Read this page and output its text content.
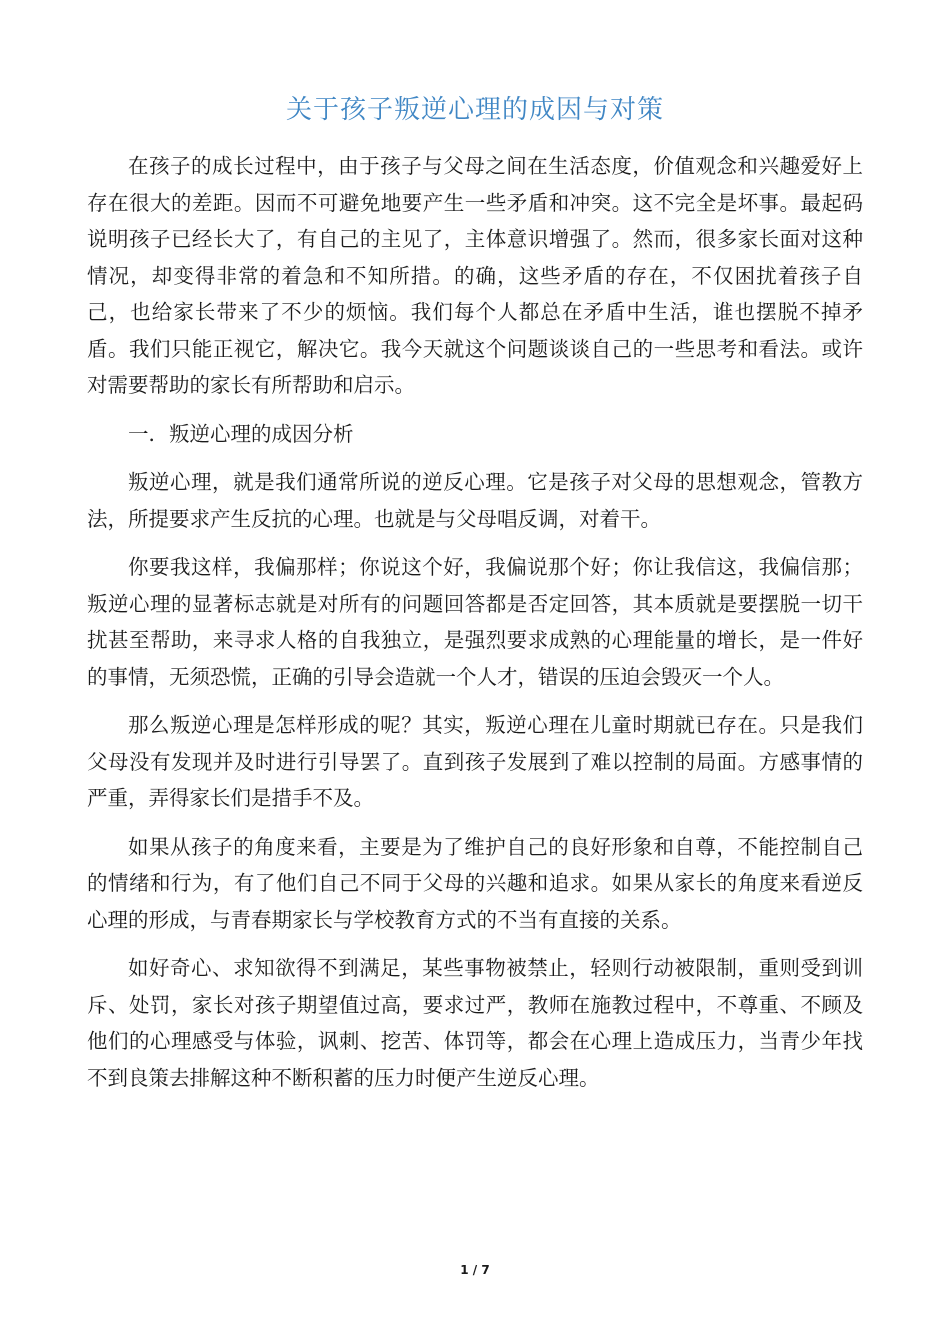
关于孩子叛逆心理的成因与对策

在孩子的成长过程中，由于孩子与父母之间在生活态度，价值观念和兴趣爱好上存在很大的差距。因而不可避免地要产生一些矛盾和冲突。这不完全是坏事。最起码说明孩子已经长大了，有自己的主见了，主体意识增强了。然而，很多家长面对这种情况，却变得非常的着急和不知所措。的确，这些矛盾的存在，不仅困扰着孩子自己，也给家长带来了不少的烦恼。我们每个人都总在矛盾中生活，谁也摆脱不掉矛盾。我们只能正视它，解决它。我今天就这个问题谈谈自己的一些思考和看法。或许对需要帮助的家长有所帮助和启示。

一．叛逆心理的成因分析

叛逆心理，就是我们通常所说的逆反心理。它是孩子对父母的思想观念，管教方法，所提要求产生反抗的心理。也就是与父母唱反调，对着干。

你要我这样，我偏那样；你说这个好，我偏说那个好；你让我信这，我偏信那；叛逆心理的显著标志就是对所有的问题回答都是否定回答，其本质就是要摆脱一切干扰甚至帮助，来寻求人格的自我独立，是强烈要求成熟的心理能量的增长，是一件好的事情，无须恐慌，正确的引导会造就一个人才，错误的压迫会毁灭一个人。

那么叛逆心理是怎样形成的呢？其实，叛逆心理在儿童时期就已存在。只是我们父母没有发现并及时进行引导罢了。直到孩子发展到了难以控制的局面。方感事情的严重，弄得家长们是措手不及。

如果从孩子的角度来看，主要是为了维护自己的良好形象和自尊，不能控制自己的情绪和行为，有了他们自己不同于父母的兴趣和追求。如果从家长的角度来看逆反心理的形成，与青春期家长与学校教育方式的不当有直接的关系。

如好奇心、求知欲得不到满足，某些事物被禁止，轻则行动被限制，重则受到训斥、处罚，家长对孩子期望值过高，要求过严，教师在施教过程中，不尊重、不顾及他们的心理感受与体验，讽刺、挖苦、体罚等，都会在心理上造成压力，当青少年找不到良策去排解这种不断积蓄的压力时便产生逆反心理。

1 / 7
